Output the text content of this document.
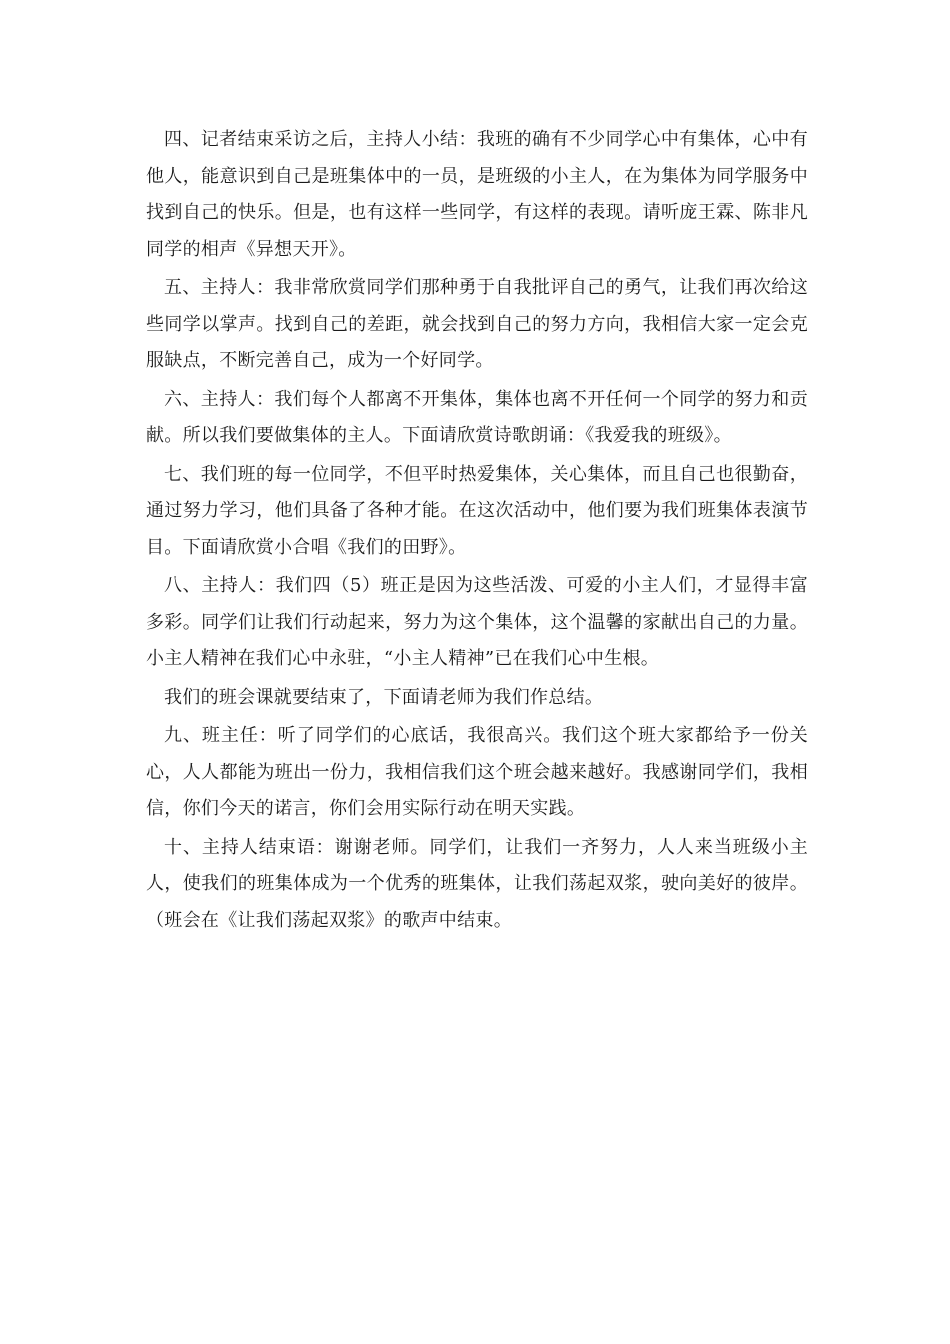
四、记者结束采访之后，主持人小结：我班的确有不少同学心中有集体，心中有他人，能意识到自己是班集体中的一员，是班级的小主人，在为集体为同学服务中找到自己的快乐。但是，也有这样一些同学，有这样的表现。请听庞王霖、陈非凡同学的相声《异想天开》。

五、主持人：我非常欣赏同学们那种勇于自我批评自己的勇气，让我们再次给这些同学以掌声。找到自己的差距，就会找到自己的努力方向，我相信大家一定会克服缺点，不断完善自己，成为一个好同学。

六、主持人：我们每个人都离不开集体，集体也离不开任何一个同学的努力和贡献。所以我们要做集体的主人。下面请欣赏诗歌朗诵：《我爱我的班级》。

七、我们班的每一位同学，不但平时热爱集体，关心集体，而且自己也很勤奋，通过努力学习，他们具备了各种才能。在这次活动中，他们要为我们班集体表演节目。下面请欣赏小合唱《我们的田野》。

八、主持人：我们四（5）班正是因为这些活泼、可爱的小主人们，才显得丰富多彩。同学们让我们行动起来，努力为这个集体，这个温馨的家献出自己的力量。小主人精神在我们心中永驻，“小主人精神”已在我们心中生根。

我们的班会课就要结束了，下面请老师为我们作总结。

九、班主任：听了同学们的心底话，我很高兴。我们这个班大家都给予一份关心，人人都能为班出一份力，我相信我们这个班会越来越好。我感谢同学们，我相信，你们今天的诺言，你们会用实际行动在明天实践。

十、主持人结束语：谢谢老师。同学们，让我们一齐努力，人人来当班级小主人，使我们的班集体成为一个优秀的班集体，让我们荡起双浆，驶向美好的彼岸。（班会在《让我们荡起双浆》的歌声中结束。
